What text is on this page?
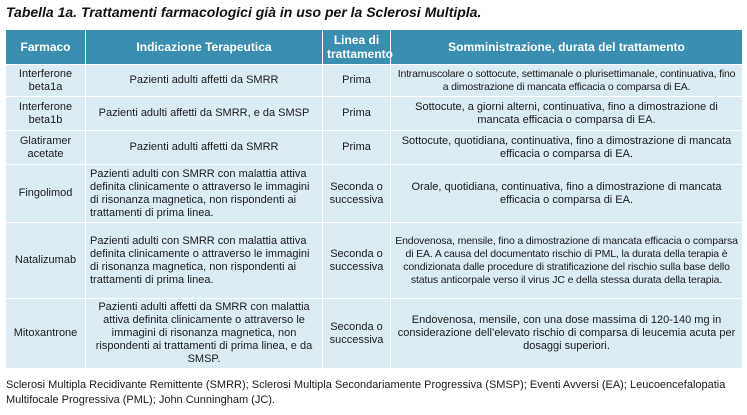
Tabella 1a. Trattamenti farmacologici già in uso per la Sclerosi Multipla.
Farmaco	Indicazione Terapeutica	Linea di trattamento	Somministrazione, durata del trattamento
Interferone beta1a	Pazienti adulti affetti da SMRR	Prima	Intramuscolare o sottocute, settimanale o plurisettimanale, continuativa, fino a dimostrazione di mancata efficacia o comparsa di EA.
Interferone beta1b	Pazienti adulti affetti da SMRR, e da SMSP	Prima	Sottocute, a giorni alterni, continuativa, fino a dimostrazione di mancata efficacia o comparsa di EA.
Glatiramer acetate	Pazienti adulti affetti da SMRR	Prima	Sottocute, quotidiana, continuativa, fino a dimostrazione di mancata efficacia o comparsa di EA.
Fingolimod	Pazienti adulti con SMRR con malattia attiva definita clinicamente o attraverso le immagini di risonanza magnetica, non rispondenti ai trattamenti di prima linea.	Seconda o successiva	Orale, quotidiana, continuativa, fino a dimostrazione di mancata efficacia o comparsa di EA.
Natalizumab	Pazienti adulti con SMRR con malattia attiva definita clinicamente o attraverso le immagini di risonanza magnetica, non rispondenti ai trattamenti di prima linea.	Seconda o successiva	Endovenosa, mensile, fino a dimostrazione di mancata efficacia o comparsa di EA. A causa del documentato rischio di PML, la durata della terapia è condizionata dalle procedure di stratificazione del rischio sulla base dello status anticorpale verso il virus JC e della stessa durata della terapia.
Mitoxantrone	Pazienti adulti affetti da SMRR con malattia attiva definita clinicamente o attraverso le immagini di risonanza magnetica, non rispondenti ai trattamenti di prima linea, e da SMSP.	Seconda o successiva	Endovenosa, mensile, con una dose massima di 120-140 mg in considerazione dell’elevato rischio di comparsa di leucemia acuta per dosaggi superiori.
Sclerosi Multipla Recidivante Remittente (SMRR); Sclerosi Multipla Secondariamente Progressiva (SMSP); Eventi Avversi (EA); Leucoencefalopatia Multifocale Progressiva (PML); John Cunningham (JC).
